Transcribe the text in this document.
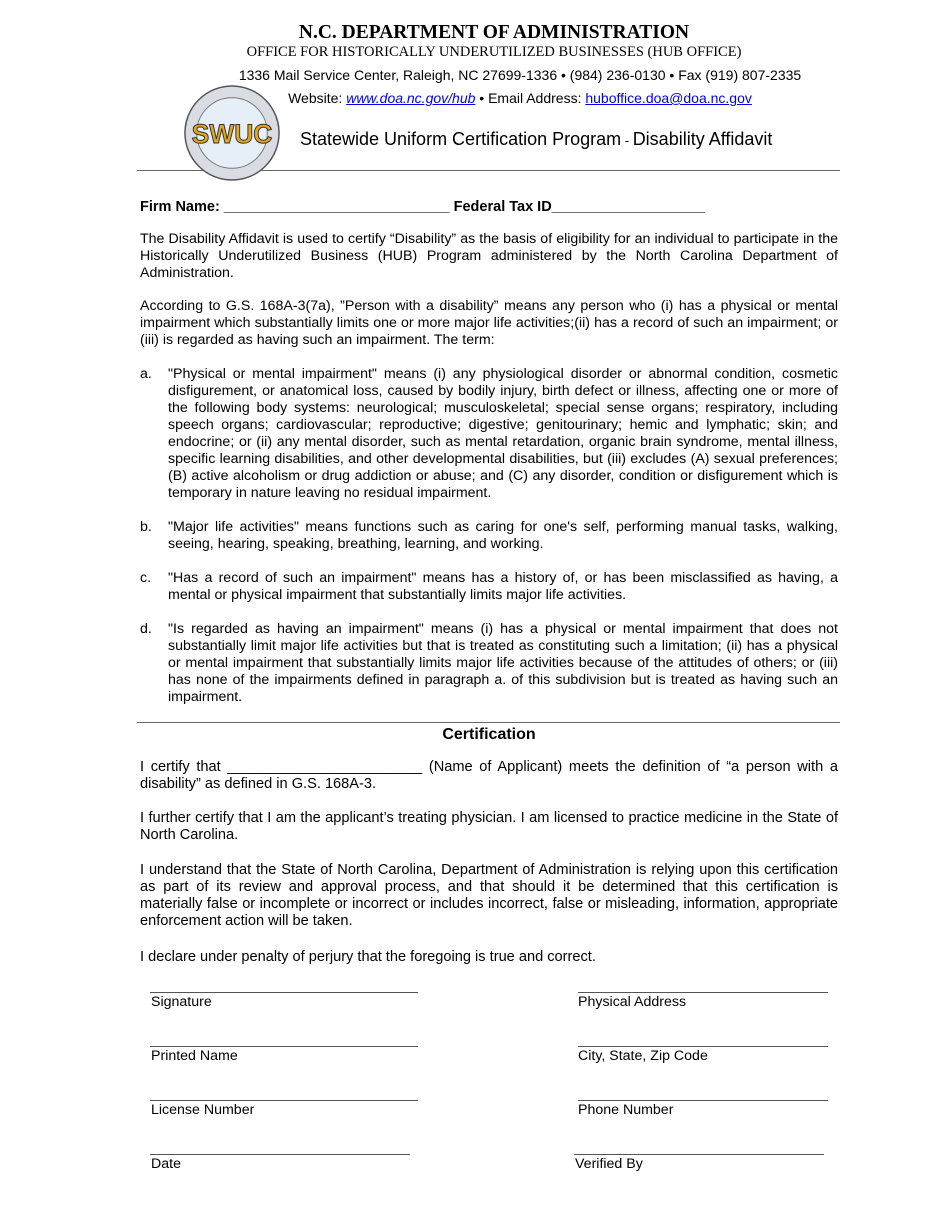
N.C. DEPARTMENT OF ADMINISTRATION
OFFICE FOR HISTORICALLY UNDERUTILIZED BUSINESSES (HUB OFFICE)
1336 Mail Service Center, Raleigh, NC 27699-1336 • (984) 236-0130 • Fax (919) 807-2335
Website: www.doa.nc.gov/hub • Email Address: huboffice.doa@doa.nc.gov
SWUC Statewide Uniform Certification Program - Disability Affidavit
Firm Name: ____________________________ Federal Tax ID___________________
The Disability Affidavit is used to certify “Disability” as the basis of eligibility for an individual to participate in the Historically Underutilized Business (HUB) Program administered by the North Carolina Department of Administration.
According to G.S. 168A-3(7a), ”Person with a disability” means any person who (i) has a physical or mental impairment which substantially limits one or more major life activities;(ii) has a record of such an impairment; or (iii) is regarded as having such an impairment. The term:
a. "Physical or mental impairment" means (i) any physiological disorder or abnormal condition, cosmetic disfigurement, or anatomical loss, caused by bodily injury, birth defect or illness, affecting one or more of the following body systems: neurological; musculoskeletal; special sense organs; respiratory, including speech organs; cardiovascular; reproductive; digestive; genitourinary; hemic and lymphatic; skin; and endocrine; or (ii) any mental disorder, such as mental retardation, organic brain syndrome, mental illness, specific learning disabilities, and other developmental disabilities, but (iii) excludes (A) sexual preferences; (B) active alcoholism or drug addiction or abuse; and (C) any disorder, condition or disfigurement which is temporary in nature leaving no residual impairment.
b. "Major life activities" means functions such as caring for one's self, performing manual tasks, walking, seeing, hearing, speaking, breathing, learning, and working.
c. "Has a record of such an impairment" means has a history of, or has been misclassified as having, a mental or physical impairment that substantially limits major life activities.
d. "Is regarded as having an impairment" means (i) has a physical or mental impairment that does not substantially limit major life activities but that is treated as constituting such a limitation; (ii) has a physical or mental impairment that substantially limits major life activities because of the attitudes of others; or (iii) has none of the impairments defined in paragraph a. of this subdivision but is treated as having such an impairment.
Certification
I certify that ________________________ (Name of Applicant) meets the definition of “a person with a disability” as defined in G.S. 168A-3.
I further certify that I am the applicant’s treating physician. I am licensed to practice medicine in the State of North Carolina.
I understand that the State of North Carolina, Department of Administration is relying upon this certification as part of its review and approval process, and that should it be determined that this certification is materially false or incomplete or incorrect or includes incorrect, false or misleading, information, appropriate enforcement action will be taken.
I declare under penalty of perjury that the foregoing is true and correct.
Signature
Printed Name
License Number
Date
Physical Address
City, State, Zip Code
Phone Number
Verified By
